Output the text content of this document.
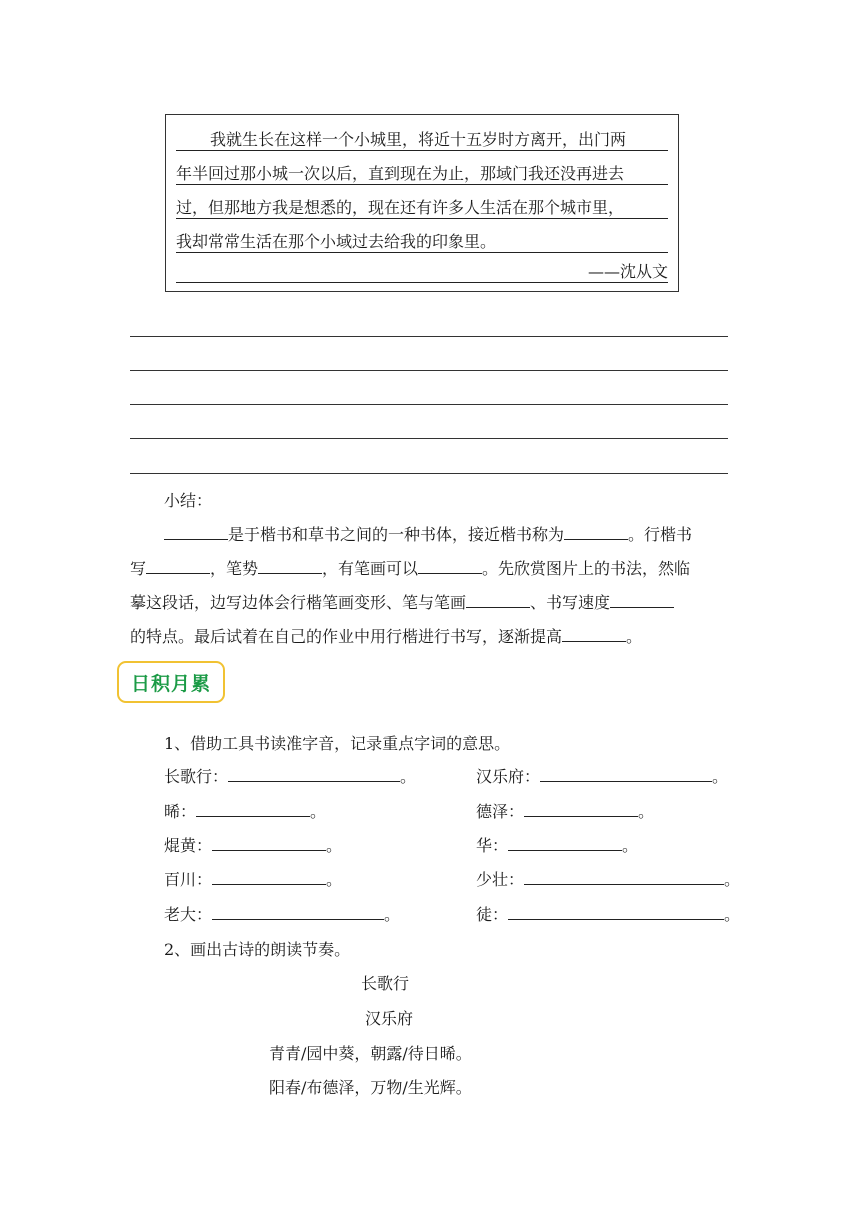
我就生长在这样一个小城里，将近十五岁时方离开，出门两
年半回过那小城一次以后，直到现在为止，那域门我还没再进去
过，但那地方我是想悉的，现在还有许多人生活在那个城市里，
我却常常生活在那个小域过去给我的印象里。
——沈从文
小结：
是于楷书和草书之间的一种书体，接近楷书称为	。行楷书
写	，笔势	，有笔画可以	。先欣赏图片上的书法，然临
摹这段话，边写边体会行楷笔画变形、笔与笔画	、书写速度
的特点。最后试着在自己的作业中用行楷进行书写，逐渐提高	。
日积月累
1、借助工具书读准字音，记录重点字词的意思。
长歌行：	。	汉乐府：	。
晞：	。	德泽：	。
焜黄：	。	华：	。
百川：	。	少壮：	。
老大：	。	徒：	。
2、画出古诗的朗读节奏。
长歌行
汉乐府
青青/园中葵，朝露/待日晞。
阳春/布德泽，万物/生光辉。
